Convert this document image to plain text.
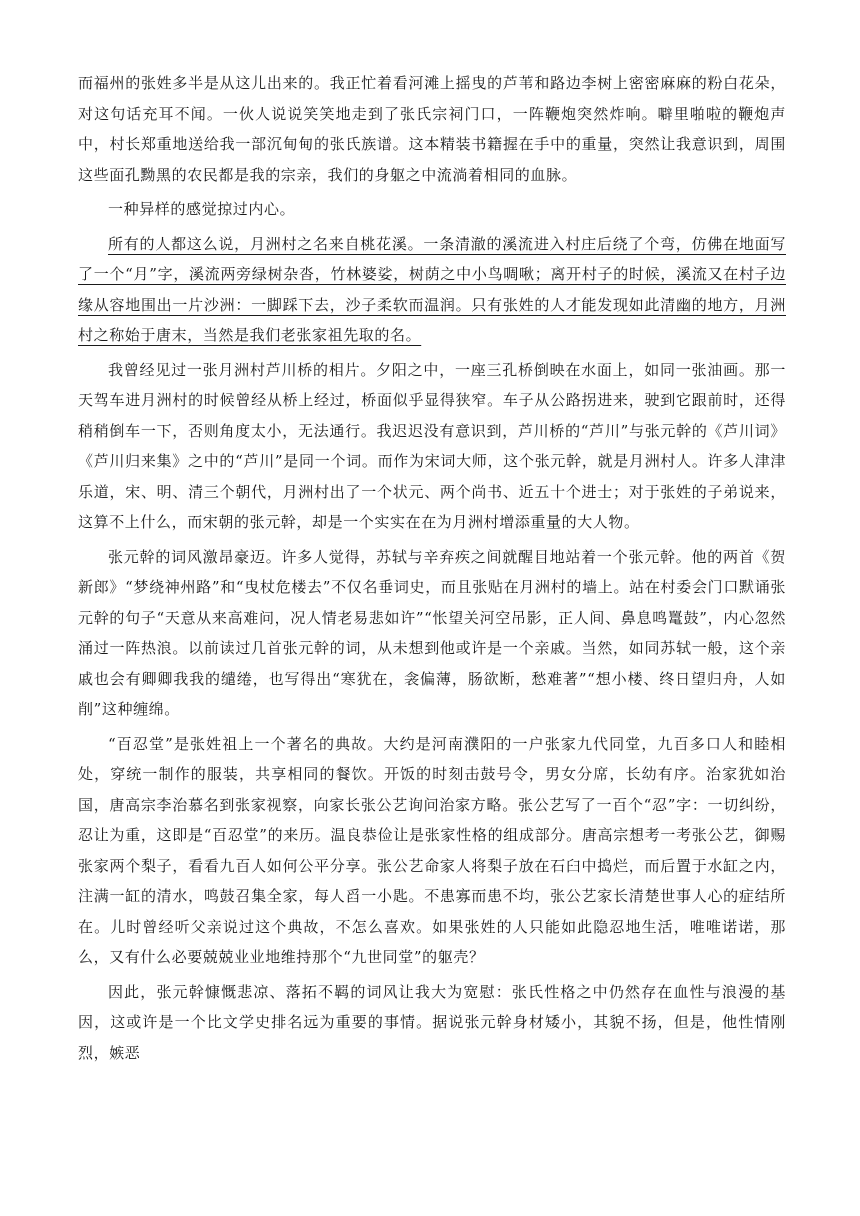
而福州的张姓多半是从这儿出来的。我正忙着看河滩上摇曳的芦苇和路边李树上密密麻麻的粉白花朵，对这句话充耳不闻。一伙人说说笑笑地走到了张氏宗祠门口，一阵鞭炮突然炸响。噼里啪啦的鞭炮声中，村长郑重地送给我一部沉甸甸的张氏族谱。这本精装书籍握在手中的重量，突然让我意识到，周围这些面孔黝黑的农民都是我的宗亲，我们的身躯之中流淌着相同的血脉。

一种异样的感觉掠过内心。

所有的人都这么说，月洲村之名来自桃花溪。一条清澈的溪流进入村庄后绕了个弯，仿佛在地面写了一个“月”字，溪流两旁绿树杂沓，竹林婆娑，树荫之中小鸟啁啾；离开村子的时候，溪流又在村子边缘从容地围出一片沙洲：一脚踩下去，沙子柔软而温润。只有张姓的人才能发现如此清幽的地方，月洲村之称始于唐末，当然是我们老张家祖先取的名。

我曾经见过一张月洲村芦川桥的相片。夕阳之中，一座三孔桥倒映在水面上，如同一张油画。那一天驾车进月洲村的时候曾经从桥上经过，桥面似乎显得狭窄。车子从公路拐进来，驶到它跟前时，还得稍稍倒车一下，否则角度太小，无法通行。我迟迟没有意识到，芦川桥的“芦川”与张元幹的《芦川词》《芦川归来集》之中的“芦川”是同一个词。而作为宋词大师，这个张元幹，就是月洲村人。许多人津津乐道，宋、明、清三个朝代，月洲村出了一个状元、两个尚书、近五十个进士；对于张姓的子弟说来，这算不上什么，而宋朝的张元幹，却是一个实实在在为月洲村增添重量的大人物。

张元幹的词风激昂豪迈。许多人觉得，苏轼与辛弃疾之间就醒目地站着一个张元幹。他的两首《贺新郎》“梦绕神州路”和“曳杖危楼去”不仅名垂词史，而且张贴在月洲村的墙上。站在村委会门口默诵张元幹的句子“天意从来高难问，况人情老易悲如许”“怅望关河空吊影，正人间、鼻息鸣鼍鼓”，内心忽然涌过一阵热浪。以前读过几首张元幹的词，从未想到他或许是一个亲戚。当然，如同苏轼一般，这个亲戚也会有卿卿我我的缱绻，也写得出“寒犹在，衾偏薄，肠欲断，愁难著”“想小楼、终日望归舟，人如削”这种缠绵。

“百忍堂”是张姓祖上一个著名的典故。大约是河南濮阳的一户张家九代同堂，九百多口人和睦相处，穿统一制作的服装，共享相同的餐饮。开饭的时刻击鼓号令，男女分席，长幼有序。治家犹如治国，唐高宗李治慕名到张家视察，向家长张公艺询问治家方略。张公艺写了一百个“忍”字：一切纠纷，忍让为重，这即是“百忍堂”的来历。温良恭俭让是张家性格的组成部分。唐高宗想考一考张公艺，御赐张家两个梨子，看看九百人如何公平分享。张公艺命家人将梨子放在石臼中捣烂，而后置于水缸之内，注满一缸的清水，鸣鼓召集全家，每人舀一小匙。不患寡而患不均，张公艺家长清楚世事人心的症结所在。儿时曾经听父亲说过这个典故，不怎么喜欢。如果张姓的人只能如此隐忍地生活，唯唯诺诺，那么，又有什么必要兢兢业业地维持那个“九世同堂”的躯壳？

因此，张元幹慷慨悲凉、落拓不羁的词风让我大为宽慰：张氏性格之中仍然存在血性与浪漫的基因，这或许是一个比文学史排名远为重要的事情。据说张元幹身材矮小，其貌不扬，但是，他性情刚烈，嫉恶
